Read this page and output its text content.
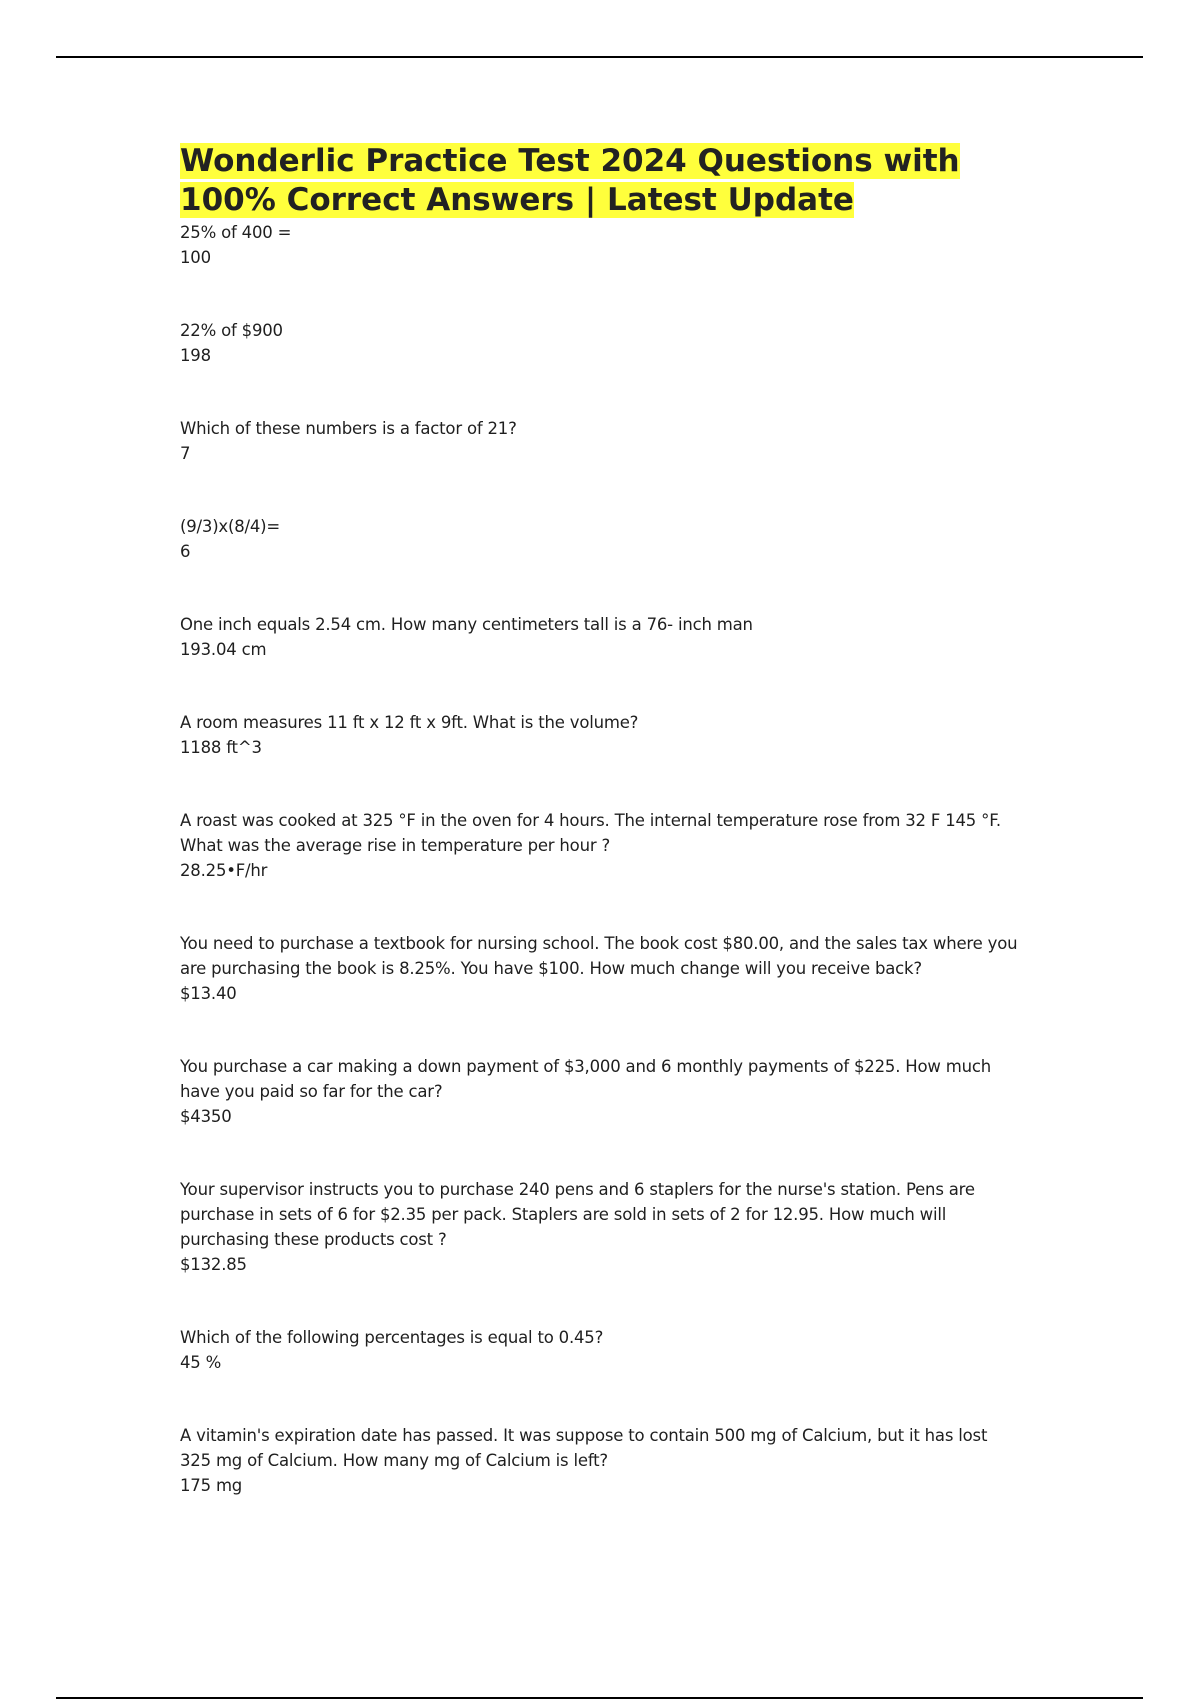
Wonderlic Practice Test 2024 Questions with 100% Correct Answers | Latest Update
25% of 400 =
100
22% of $900
198
Which of these numbers is a factor of 21?
7
(9/3)x(8/4)=
6
One inch equals 2.54 cm. How many centimeters tall is a 76- inch man
193.04 cm
A room measures 11 ft x 12 ft x 9ft. What is the volume?
1188 ft^3
A roast was cooked at 325 °F in the oven for 4 hours. The internal temperature rose from 32 F 145 °F. What was the average rise in temperature per hour ?
28.25•F/hr
You need to purchase a textbook for nursing school. The book cost $80.00, and the sales tax where you are purchasing the book is 8.25%. You have $100. How much change will you receive back?
$13.40
You purchase a car making a down payment of $3,000 and 6 monthly payments of $225. How much have you paid so far for the car?
$4350
Your supervisor instructs you to purchase 240 pens and 6 staplers for the nurse's station. Pens are purchase in sets of 6 for $2.35 per pack. Staplers are sold in sets of 2 for 12.95. How much will purchasing these products cost ?
$132.85
Which of the following percentages is equal to 0.45?
45 %
A vitamin's expiration date has passed. It was suppose to contain 500 mg of Calcium, but it has lost 325 mg of Calcium. How many mg of Calcium is left?
175 mg
